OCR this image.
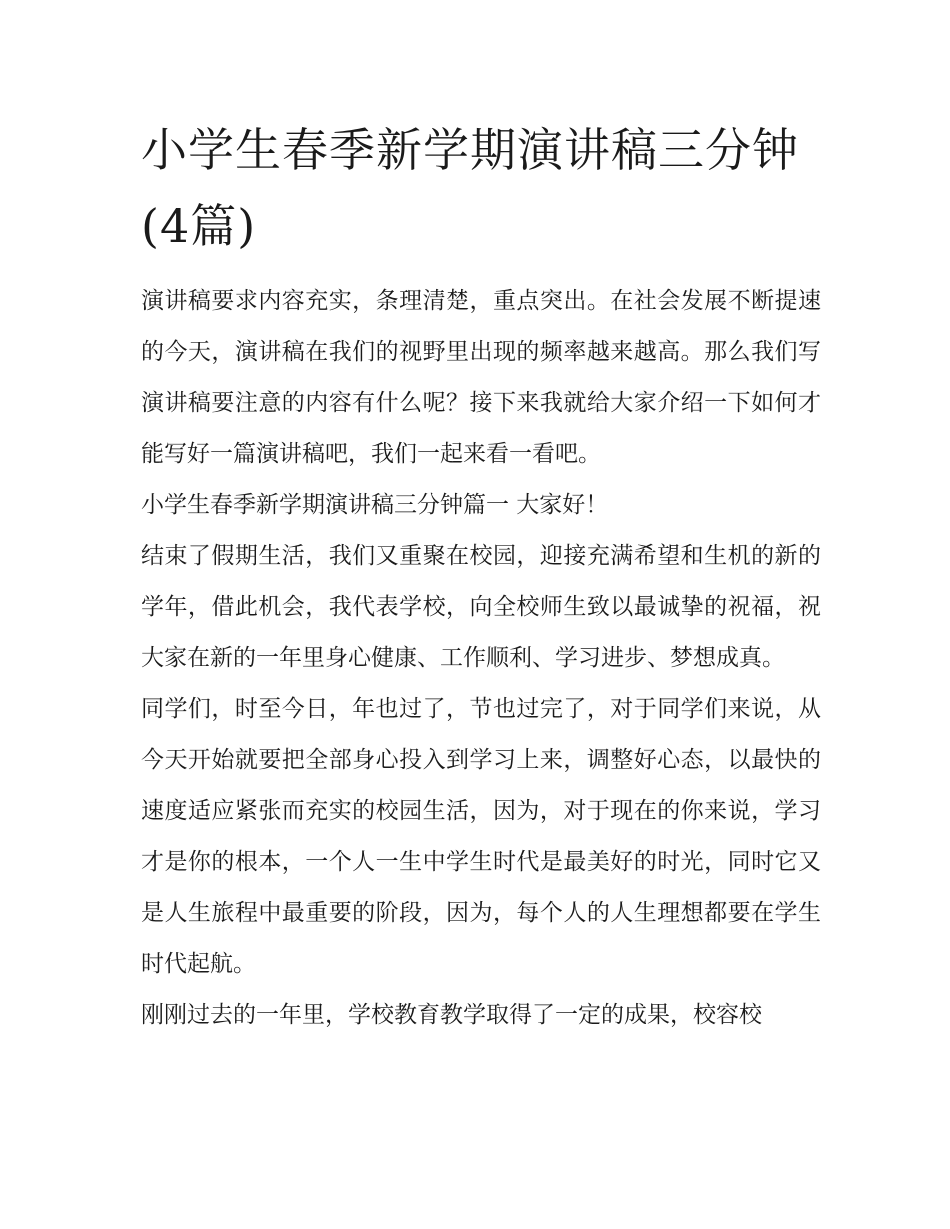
小学生春季新学期演讲稿三分钟(4篇)

演讲稿要求内容充实，条理清楚，重点突出。在社会发展不断提速的今天，演讲稿在我们的视野里出现的频率越来越高。那么我们写演讲稿要注意的内容有什么呢？接下来我就给大家介绍一下如何才能写好一篇演讲稿吧，我们一起来看一看吧。

小学生春季新学期演讲稿三分钟篇一 大家好！

结束了假期生活，我们又重聚在校园，迎接充满希望和生机的新的学年，借此机会，我代表学校，向全校师生致以最诚挚的祝福，祝大家在新的一年里身心健康、工作顺利、学习进步、梦想成真。

同学们，时至今日，年也过了，节也过完了，对于同学们来说，从今天开始就要把全部身心投入到学习上来，调整好心态，以最快的速度适应紧张而充实的校园生活，因为，对于现在的你来说，学习才是你的根本，一个人一生中学生时代是最美好的时光，同时它又是人生旅程中最重要的阶段，因为，每个人的人生理想都要在学生时代起航。

刚刚过去的一年里，学校教育教学取得了一定的成果，校容校
